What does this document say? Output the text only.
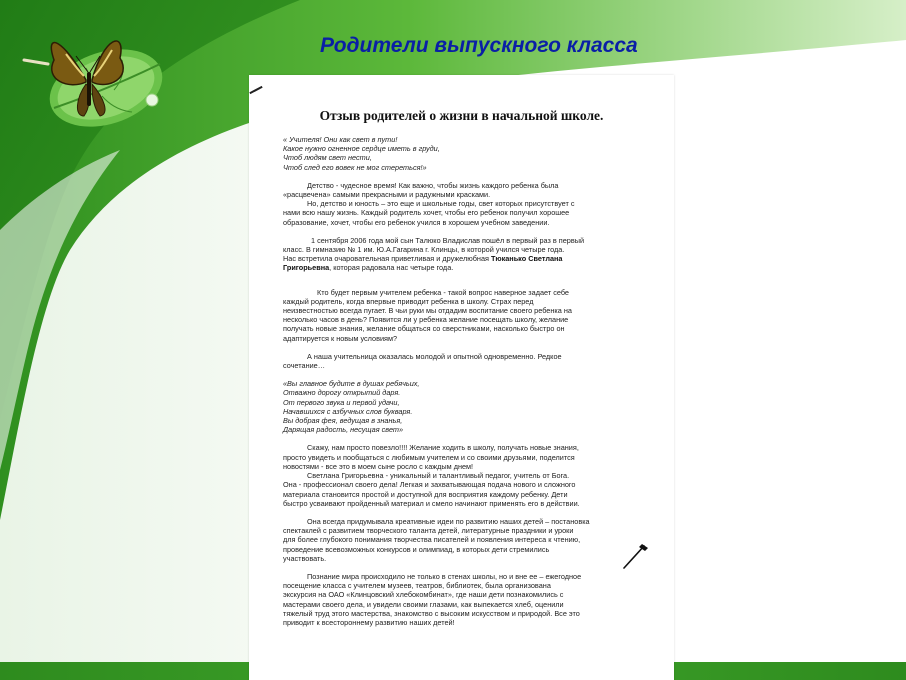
Родители выпускного класса
Отзыв родителей о жизни в начальной школе.
« Учителя! Они как свет в пути!
Какое нужно огненное сердце иметь в груди,
Чтоб людям свет нести,
Чтоб след его вовек не мог стереться!»

Детство - чудесное время! Как важно, чтобы жизнь каждого ребенка была
«расцвечена» самыми прекрасными и радужными красками.

Но, детство и юность – это еще и школьные годы, свет которых присутствует с
нами всю нашу жизнь. Каждый родитель хочет, чтобы его ребенок получил хорошее
образование, хочет, чтобы его ребенок учился в хорошем учебном заведении.

1 сентября 2006 года мой сын Талюко Владислав пошёл в первый раз в первый
класс. В гимназию № 1 им. Ю.А.Гагарина г. Клинцы, в которой учился четыре года.
Нас встретила очаровательная приветливая и дружелюбная Тюканько Светлана
Григорьевна, которая радовала нас четыре года.

Кто будет первым учителем ребенка - такой вопрос наверное задает себе
каждый родитель, когда впервые приводит ребенка в школу. Страх перед
неизвестностью всегда пугает. В чьи руки мы отдадим воспитание своего ребенка на
несколько часов в день? Появится ли у ребенка желание посещать школу, желание
получать новые знания, желание общаться со сверстниками, насколько быстро он
адаптируется к новым условиям?

А наша учительница оказалась молодой и опытной одновременно. Редкое
сочетание…

«Вы главное будите в душах ребячьих,
Отважно дорогу открытий даря.
От первого звука и первой удачи,
Начавшихся с азбучных слов букваря.
Вы добрая фея, ведущая в знанья,
Дарящая радость, несущая свет»

Скажу, нам просто повезло!!!! Желание ходить в школу, получать новые знания,
просто увидеть и пообщаться с любимым учителем и со своими друзьями, поделится
новостями - все это в моем сыне росло с каждым днем!

Светлана Григорьевна - уникальный и талантливый педагог, учитель от Бога.
Она - профессионал своего дела! Легкая и захватывающая подача нового и сложного
материала становится простой и доступной для восприятия каждому ребенку. Дети
быстро усваивают пройденный материал и смело начинают применять его в действии.

Она всегда придумывала креативные идеи по развитию наших детей – постановка
спектаклей с развитием творческого таланта детей, литературные праздники и уроки
для более глубокого понимания творчества писателей и появления интереса к чтению,
проведение всевозможных конкурсов и олимпиад, в которых дети стремились
участвовать.

Познание мира происходило не только в стенах школы, но и вне ее – ежегодное
посещение класса с учителем музеев, театров, библиотек, была организована
экскурсия на ОАО «Клинцовский хлебокомбинат», где наши дети познакомились с
мастерами своего дела, и увидели своими глазами, как выпекается хлеб, оценили
тяжелый труд этого мастерства, знакомство с высоким искусством и природой. Все это
приводит к всестороннему развитию наших детей!
